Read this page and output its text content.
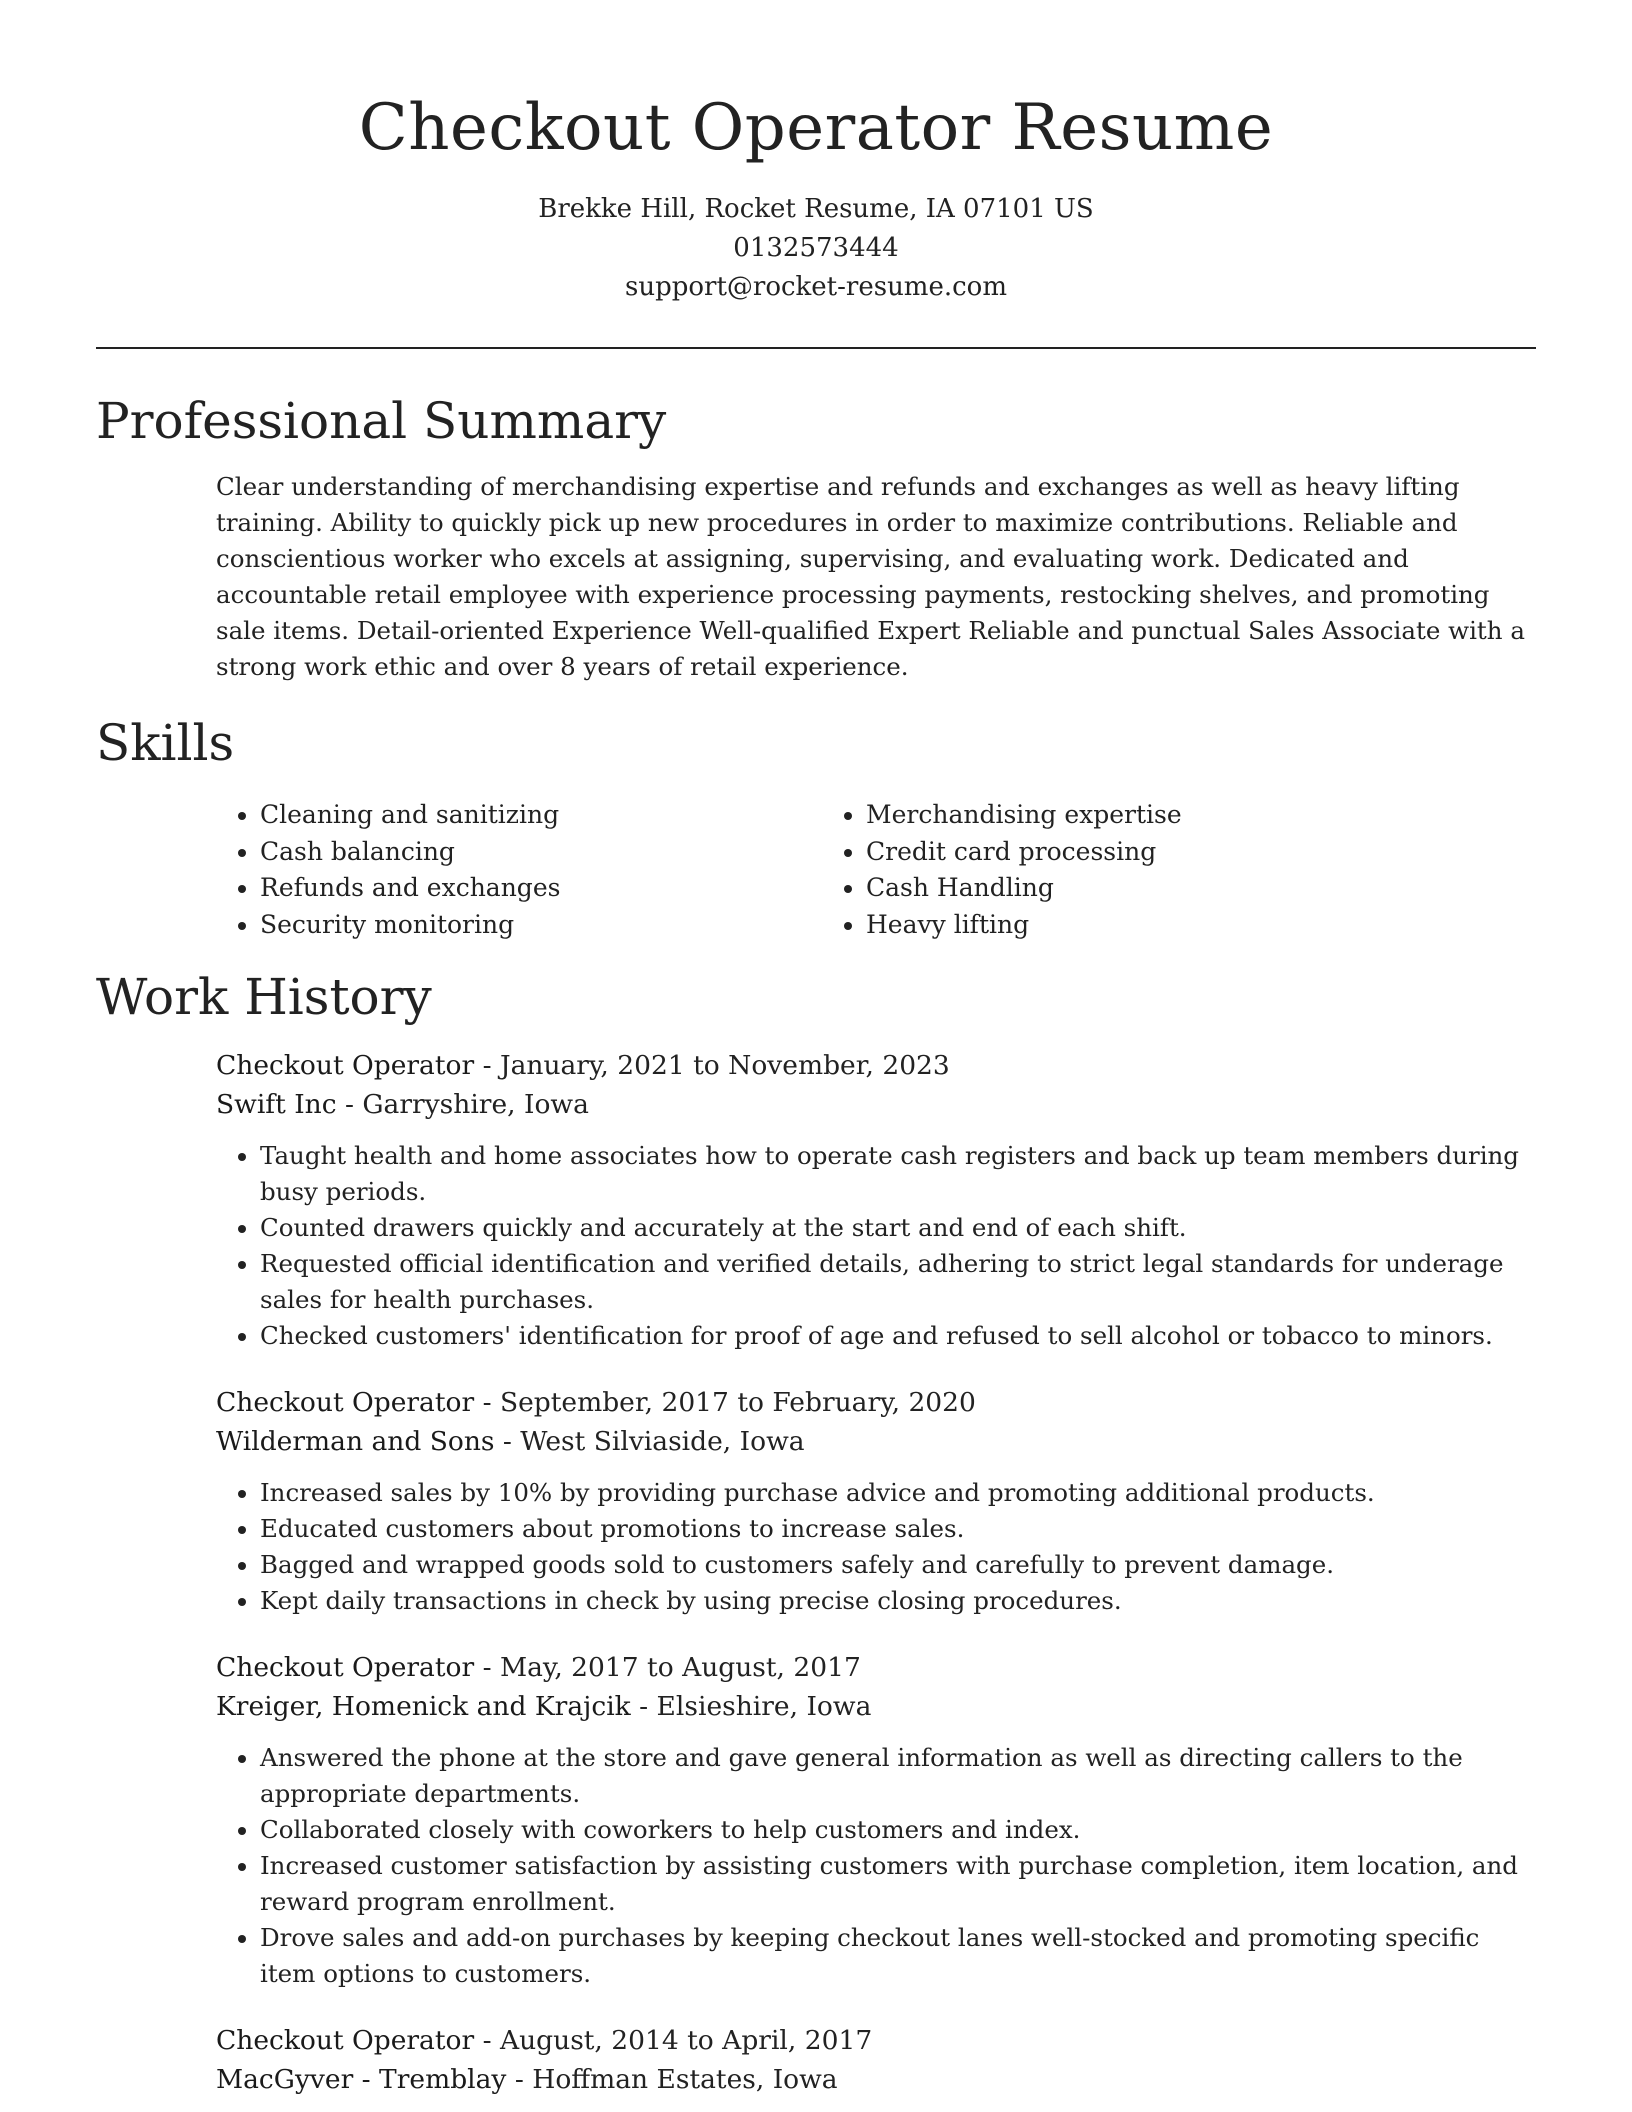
Checkout Operator Resume
Brekke Hill, Rocket Resume, IA 07101 US
0132573444
support@rocket-resume.com
Professional Summary

Clear understanding of merchandising expertise and refunds and exchanges as well as heavy lifting training. Ability to quickly pick up new procedures in order to maximize contributions. Reliable and conscientious worker who excels at assigning, supervising, and evaluating work. Dedicated and accountable retail employee with experience processing payments, restocking shelves, and promoting sale items. Detail-oriented Experience Well-qualified Expert Reliable and punctual Sales Associate with a strong work ethic and over 8 years of retail experience.

Skills
• Cleaning and sanitizing
• Cash balancing
• Refunds and exchanges
• Security monitoring
• Merchandising expertise
• Credit card processing
• Cash Handling
• Heavy lifting
Work History
Checkout Operator - January, 2021 to November, 2023
Swift Inc - Garryshire, Iowa
• Taught health and home associates how to operate cash registers and back up team members during busy periods.
• Counted drawers quickly and accurately at the start and end of each shift.
• Requested official identification and verified details, adhering to strict legal standards for underage sales for health purchases.
• Checked customers' identification for proof of age and refused to sell alcohol or tobacco to minors.
Checkout Operator - September, 2017 to February, 2020
Wilderman and Sons - West Silviaside, Iowa
• Increased sales by 10% by providing purchase advice and promoting additional products.
• Educated customers about promotions to increase sales.
• Bagged and wrapped goods sold to customers safely and carefully to prevent damage.
• Kept daily transactions in check by using precise closing procedures.
Checkout Operator - May, 2017 to August, 2017
Kreiger, Homenick and Krajcik - Elsieshire, Iowa
• Answered the phone at the store and gave general information as well as directing callers to the appropriate departments.
• Collaborated closely with coworkers to help customers and index.
• Increased customer satisfaction by assisting customers with purchase completion, item location, and reward program enrollment.
• Drove sales and add-on purchases by keeping checkout lanes well-stocked and promoting specific item options to customers.
Checkout Operator - August, 2014 to April, 2017
MacGyver - Tremblay - Hoffman Estates, Iowa
